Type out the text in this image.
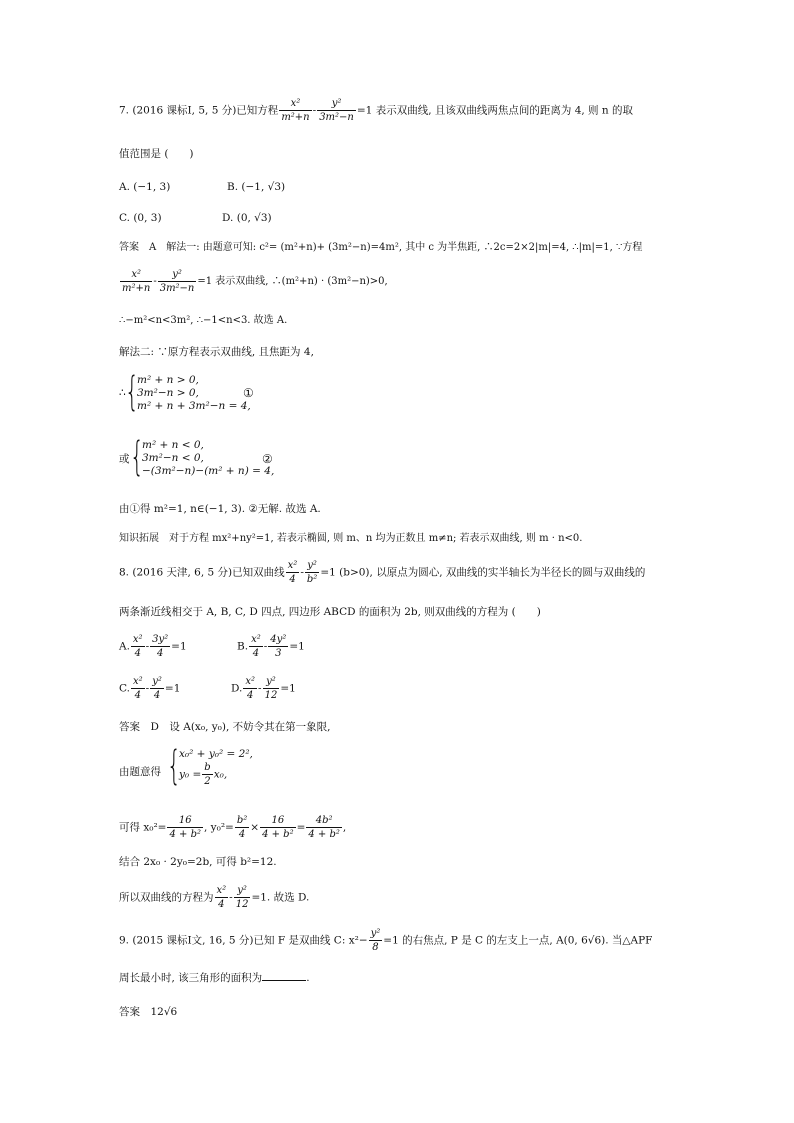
7. (2016 课标Ⅰ, 5, 5 分)已知方程 $\frac{\text{x²}}{\text{m²+n}} - \frac{\text{y²}}{\text{3m²−n}} =1$ 表示双曲线, 且该双曲线两焦点间的距离为 4, 则 n 的取
值范围是 (　　)
A. (−1, 3)	B. (−1, √3)
C. (0, 3)	D. (0, √3)
答案　A　解法一: 由题意可知: c²= (m²+n)+ (3m²−n)=4m², 其中 c 为半焦距, ∴2c=2×2|m|=4, ∴|m|=1, ∵方程
$\frac{\text{x²}}{\text{m²+n}} - \frac{\text{y²}}{\text{3m²−n}} =1$ 表示双曲线, ∴(m²+n) · (3m²−n)>0,
∴−m²<n<3m², ∴−1<n<3. 故选 A.
解法二: ∵原方程表示双曲线, 且焦距为 4,
∴ {
m² + n > 0,
3m²−n > 0,
m² + n + 3m²−n = 4,
①
或 {
m² + n < 0,
3m²−n < 0,
−(3m²−n)−(m² + n) = 4,
②
由①得 m²=1, n∈(−1, 3). ②无解. 故选 A.
知识拓展　对于方程 mx²+ny²=1, 若表示椭圆, 则 m、n 均为正数且 m≠n; 若表示双曲线, 则 m · n<0.
8. (2016 天津, 6, 5 分)已知双曲线 $\frac{\text{x²}}{4} - \frac{\text{y²}}{\text{b²}} =1$ (b>0), 以原点为圆心, 双曲线的实半轴长为半径长的圆与双曲线的
两条渐近线相交于 A, B, C, D 四点, 四边形 ABCD 的面积为 2b, 则双曲线的方程为 (　　)
A. $\frac{\text{x²}}{4} - \frac{\text{3y²}}{4} =1$	B. $\frac{\text{x²}}{4} - \frac{\text{4y²}}{3} =1$
C. $\frac{\text{x²}}{4} - \frac{\text{y²}}{4} =1$	D. $\frac{\text{x²}}{4} - \frac{\text{y²}}{12} =1$
答案　D　设 A(x₀, y₀), 不妨令其在第一象限,
由题意得 {
x₀² + y₀² = 2²,
$y_0 = \frac{b}{2} x_0$,
可得 $x_0^2= \frac{16}{\text{4 + b²}}$ , $y_0^2= \frac{\text{b²}}{4} \times \frac{16}{\text{4 + b²}} = \frac{\text{4b²}}{\text{4 + b²}}$ ,
结合 2x₀ · 2y₀=2b, 可得 b²=12.
所以双曲线的方程为 $\frac{\text{x²}}{4} - \frac{\text{y²}}{12} =1$. 故选 D.
9. (2015 课标Ⅰ文, 16, 5 分)已知 F 是双曲线 C: $x^2- \frac{\text{y²}}{8} =1$ 的右焦点, P 是 C 的左支上一点, A(0, 6√6). 当△APF
周长最小时, 该三角形的面积为	.
答案　12√6
